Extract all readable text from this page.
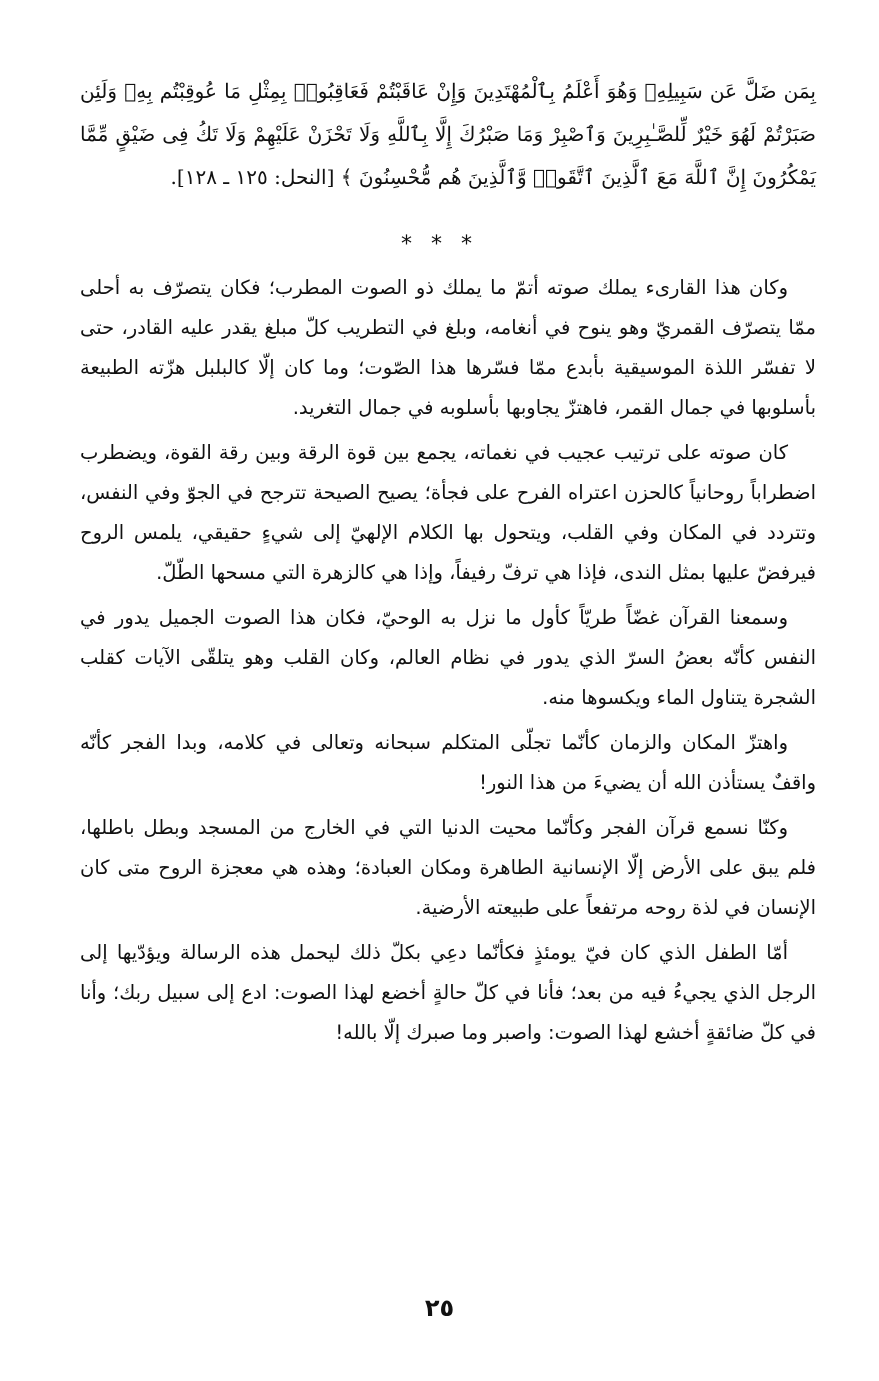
بِمَن ضَلَّ عَن سَبِيلِهِۦ وَهُوَ أَعْلَمُ بِٱلْمُهْتَدِينَ وَإِنْ عَاقَبْتُمْ فَعَاقِبُوا۟ بِمِثْلِ مَا عُوقِبْتُم بِهِۦ وَلَئِن صَبَرْتُمْ لَهُوَ خَيْرٌ لِّلصَّـٰبِرِينَ وَٱصْبِرْ وَمَا صَبْرُكَ إِلَّا بِٱللَّهِ وَلَا تَحْزَنْ عَلَيْهِمْ وَلَا تَكُ فِى ضَيْقٍ مِّمَّا يَمْكُرُونَ إِنَّ ٱللَّهَ مَعَ ٱلَّذِينَ ٱتَّقَوا۟ وَّٱلَّذِينَ هُم مُّحْسِنُونَ ﴾ [النحل: ١٢٥ ـ ١٢٨].
* * *

وكان هذا القارىء يملك صوته أتمّ ما يملك ذو الصوت المطرب؛ فكان يتصرّف به أحلى ممّا يتصرّف القمريّ وهو ينوح في أنغامه، وبلغ في التطريب كلّ مبلغ يقدر عليه القادر، حتى لا تفسّر اللذة الموسيقية بأبدع ممّا فسّرها هذا الصّوت؛ وما كان إلّا كالبلبل هزّته الطبيعة بأسلوبها في جمال القمر، فاهتزّ يجاوبها بأسلوبه في جمال التغريد.

كان صوته على ترتيب عجيب في نغماته، يجمع بين قوة الرقة وبين رقة القوة، ويضطرب اضطراباً روحانياً كالحزن اعتراه الفرح على فجأة؛ يصيح الصيحة تترجح في الجوّ وفي النفس، وتتردد في المكان وفي القلب، ويتحول بها الكلام الإلهيّ إلى شيءٍ حقيقي، يلمس الروح فيرفضّ عليها بمثل الندى، فإذا هي ترفّ رفيفاً، وإذا هي كالزهرة التي مسحها الطّلّ.

وسمعنا القرآن غضّاً طريّاً كأول ما نزل به الوحيّ، فكان هذا الصوت الجميل يدور في النفس كأنّه بعضُ السرّ الذي يدور في نظام العالم، وكان القلب وهو يتلقّى الآيات كقلب الشجرة يتناول الماء ويكسوها منه.

واهتزّ المكان والزمان كأنّما تجلّى المتكلم سبحانه وتعالى في كلامه، وبدا الفجر كأنّه واقفٌ يستأذن الله أن يضيءَ من هذا النور!

وكنّا نسمع قرآن الفجر وكأنّما محيت الدنيا التي في الخارج من المسجد وبطل باطلها، فلم يبق على الأرض إلّا الإنسانية الطاهرة ومكان العبادة؛ وهذه هي معجزة الروح متى كان الإنسان في لذة روحه مرتفعاً على طبيعته الأرضية.

أمّا الطفل الذي كان فيّ يومئذٍ فكأنّما دعِي بكلّ ذلك ليحمل هذه الرسالة ويؤدّيها إلى الرجل الذي يجيءُ فيه من بعد؛ فأنا في كلّ حالةٍ أخضع لهذا الصوت: ادع إلى سبيل ربك؛ وأنا في كلّ ضائقةٍ أخشع لهذا الصوت: واصبر وما صبرك إلّا بالله!

٢٥
